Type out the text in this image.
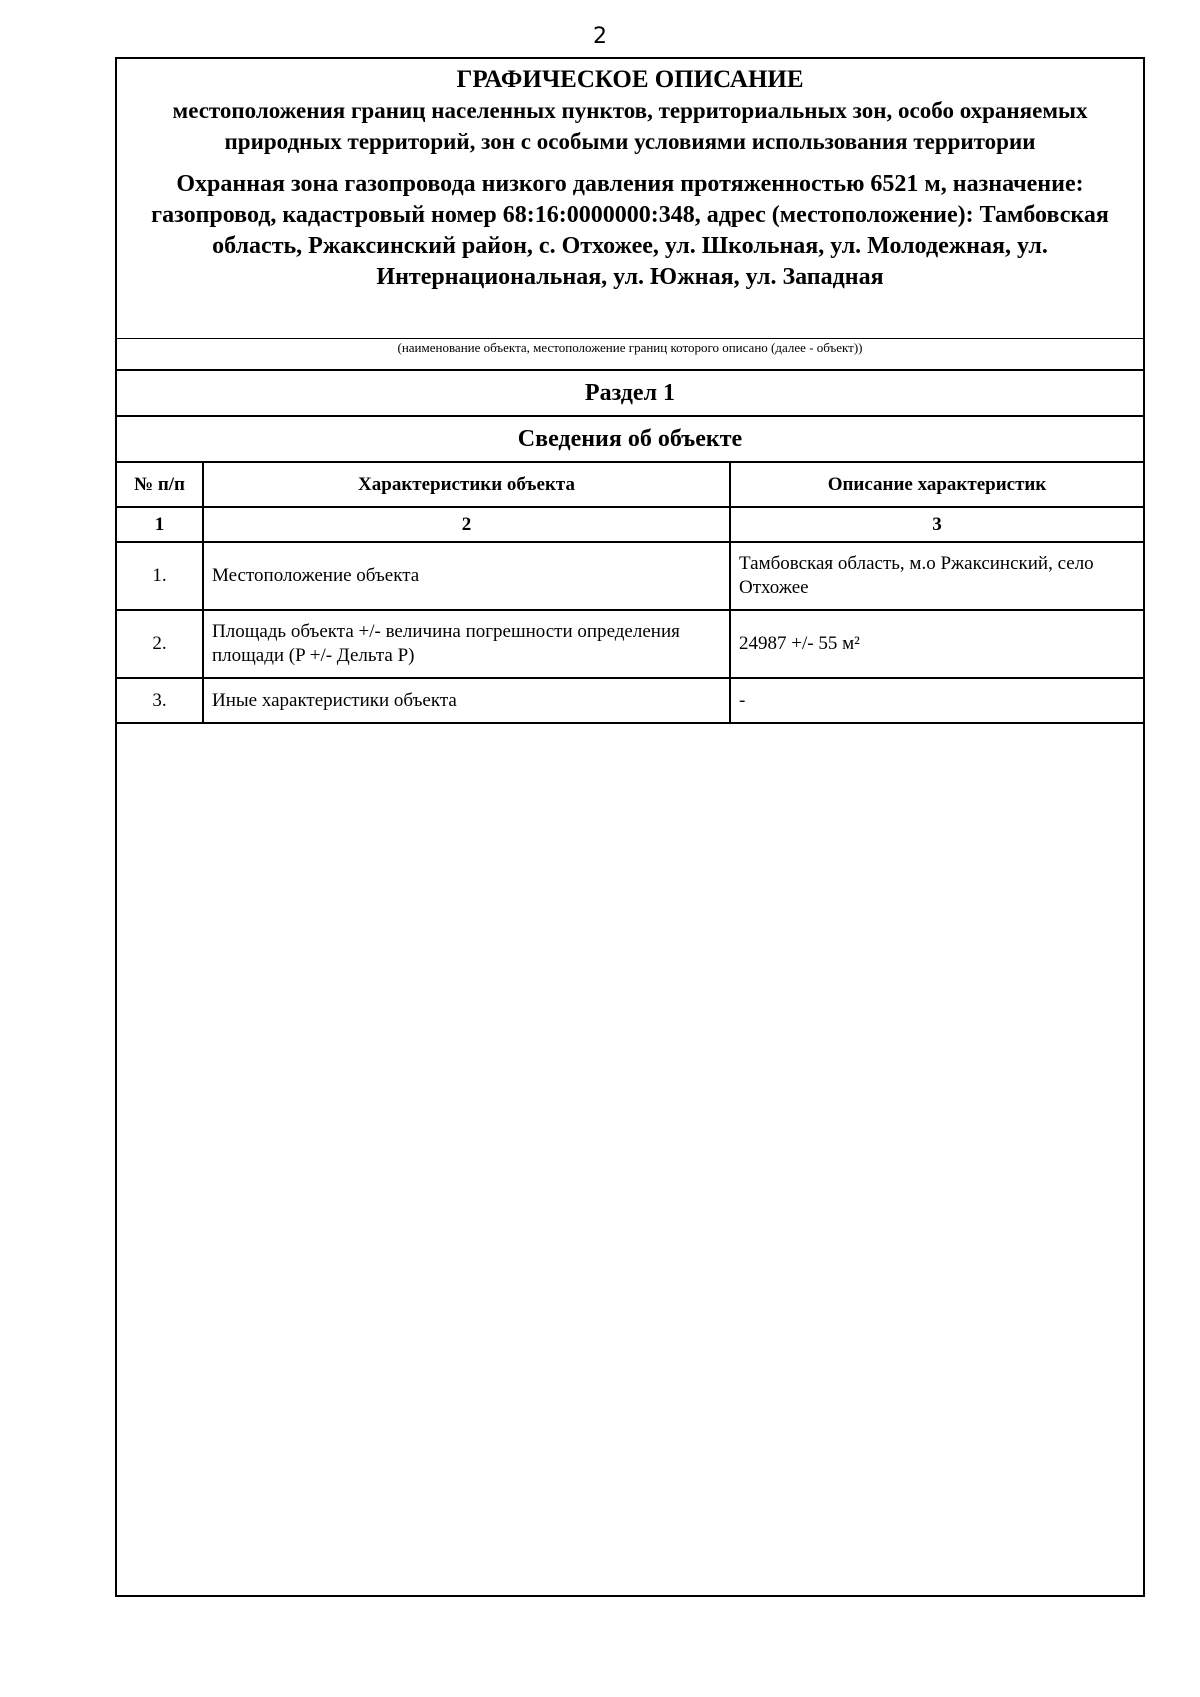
2
ГРАФИЧЕСКОЕ ОПИСАНИЕ
местоположения границ населенных пунктов, территориальных зон, особо охраняемых природных территорий, зон с особыми условиями использования территории
Охранная зона газопровода низкого давления протяженностью 6521 м, назначение: газопровод, кадастровый номер 68:16:0000000:348, адрес (местоположение): Тамбовская область, Ржаксинский район, с. Отхожее, ул. Школьная, ул. Молодежная, ул. Интернациональная, ул. Южная, ул. Западная
(наименование объекта, местоположение границ которого описано (далее - объект))
Раздел 1
Сведения об объекте
№ п/п	Характеристики объекта	Описание характеристик
1	2	3
1.	Местоположение объекта	Тамбовская область, м.о Ржаксинский, село Отхожее
2.	Площадь объекта +/- величина погрешности определения площади (P +/- Дельта P)	24987 +/- 55 м²
3.	Иные характеристики объекта	-
